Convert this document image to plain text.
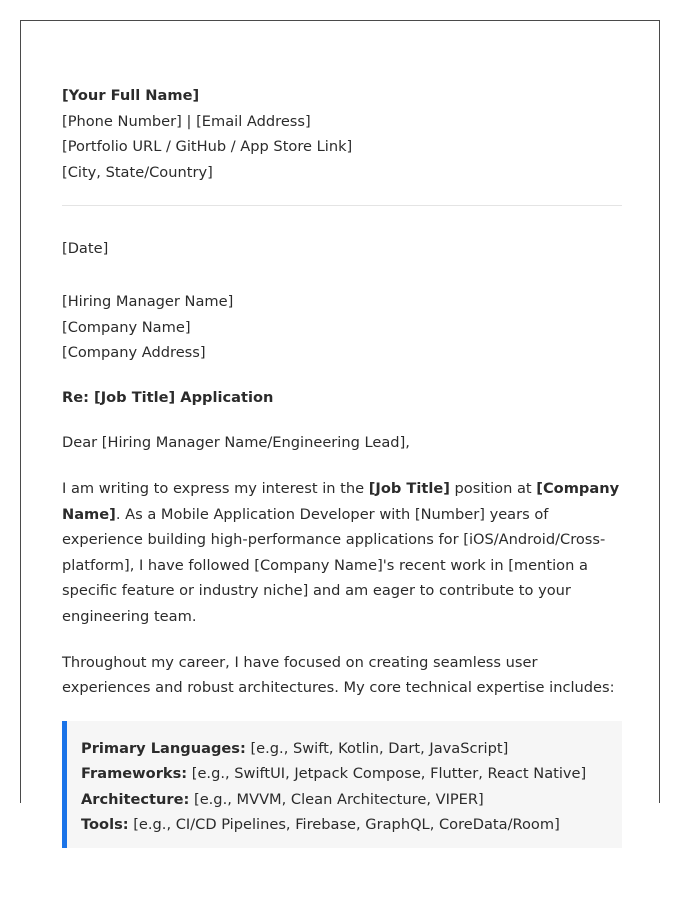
[Your Full Name]
[Phone Number] | [Email Address]
[Portfolio URL / GitHub / App Store Link]
[City, State/Country]
[Date]
[Hiring Manager Name]
[Company Name]
[Company Address]
Re: [Job Title] Application
Dear [Hiring Manager Name/Engineering Lead],

I am writing to express my interest in the [Job Title] position at [Company Name]. As a Mobile Application Developer with [Number] years of experience building high-performance applications for [iOS/Android/Cross-platform], I have followed [Company Name]'s recent work in [mention a specific feature or industry niche] and am eager to contribute to your engineering team.

Throughout my career, I have focused on creating seamless user experiences and robust architectures. My core technical expertise includes:

Primary Languages: [e.g., Swift, Kotlin, Dart, JavaScript]
Frameworks: [e.g., SwiftUI, Jetpack Compose, Flutter, React Native]
Architecture: [e.g., MVVM, Clean Architecture, VIPER]
Tools: [e.g., CI/CD Pipelines, Firebase, GraphQL, CoreData/Room]
